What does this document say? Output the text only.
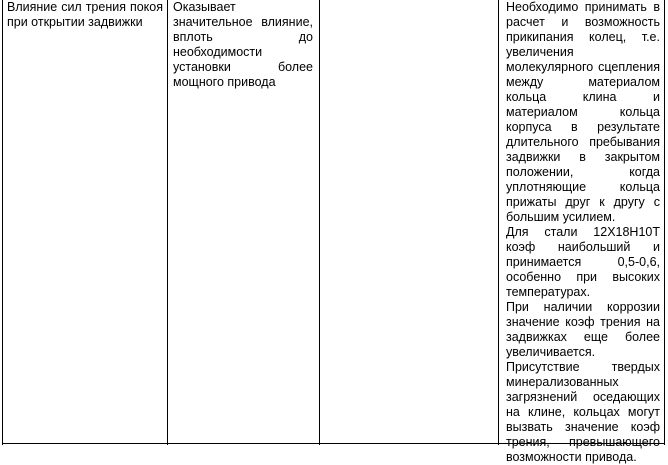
Влияние сил трения покоя при открытии задвижки

Оказывает значительное влияние, вплоть до необходимости установки более мощного привода

Необходимо принимать в расчет и возможность прикипания колец, т.е. увеличения молекулярного сцепления между материалом кольца клина и материалом кольца корпуса в результате длительного пребывания задвижки в закрытом положении, когда уплотняющие кольца прижаты друг к другу с большим усилием.

Для стали 12Х18Н10Т коэф наибольший и принимается 0,5-0,6, особенно при высоких температурах.

При наличии коррозии значение коэф трения на задвижках еще более увеличивается.

Присутствие твердых минерализованных загрязнений оседающих на клине, кольцах могут вызвать значение коэф трения, превышающего возможности привода.
